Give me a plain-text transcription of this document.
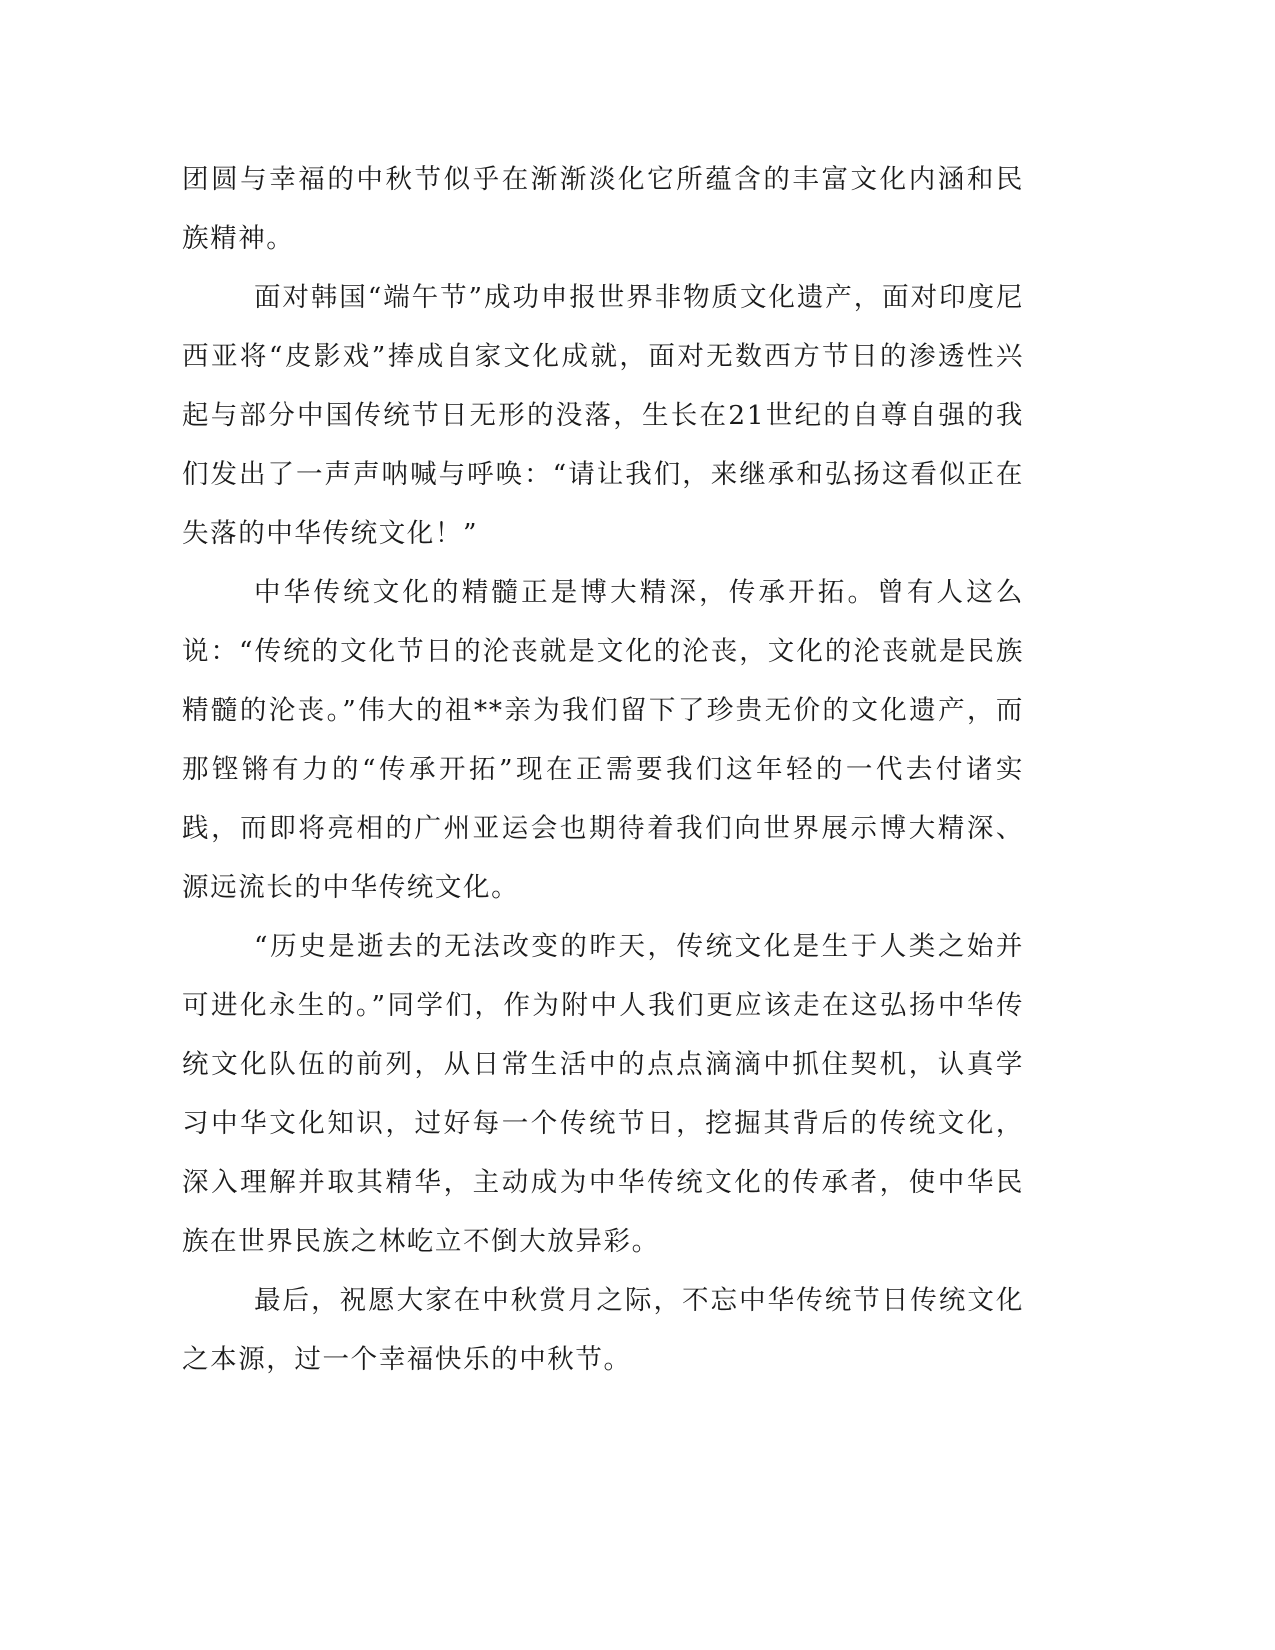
团圆与幸福的中秋节似乎在渐渐淡化它所蕴含的丰富文化内涵和民族精神。

面对韩国“端午节”成功申报世界非物质文化遗产，面对印度尼西亚将“皮影戏”捧成自家文化成就，面对无数西方节日的渗透性兴起与部分中国传统节日无形的没落，生长在21世纪的自尊自强的我们发出了一声声呐喊与呼唤：“请让我们，来继承和弘扬这看似正在失落的中华传统文化！”

中华传统文化的精髓正是博大精深，传承开拓。曾有人这么说：“传统的文化节日的沦丧就是文化的沦丧，文化的沦丧就是民族精髓的沦丧。”伟大的祖**亲为我们留下了珍贵无价的文化遗产，而那铿锵有力的“传承开拓”现在正需要我们这年轻的一代去付诸实践，而即将亮相的广州亚运会也期待着我们向世界展示博大精深、源远流长的中华传统文化。

“历史是逝去的无法改变的昨天，传统文化是生于人类之始并可进化永生的。”同学们，作为附中人我们更应该走在这弘扬中华传统文化队伍的前列，从日常生活中的点点滴滴中抓住契机，认真学习中华文化知识，过好每一个传统节日，挖掘其背后的传统文化，深入理解并取其精华，主动成为中华传统文化的传承者，使中华民族在世界民族之林屹立不倒大放异彩。

最后，祝愿大家在中秋赏月之际，不忘中华传统节日传统文化之本源，过一个幸福快乐的中秋节。
